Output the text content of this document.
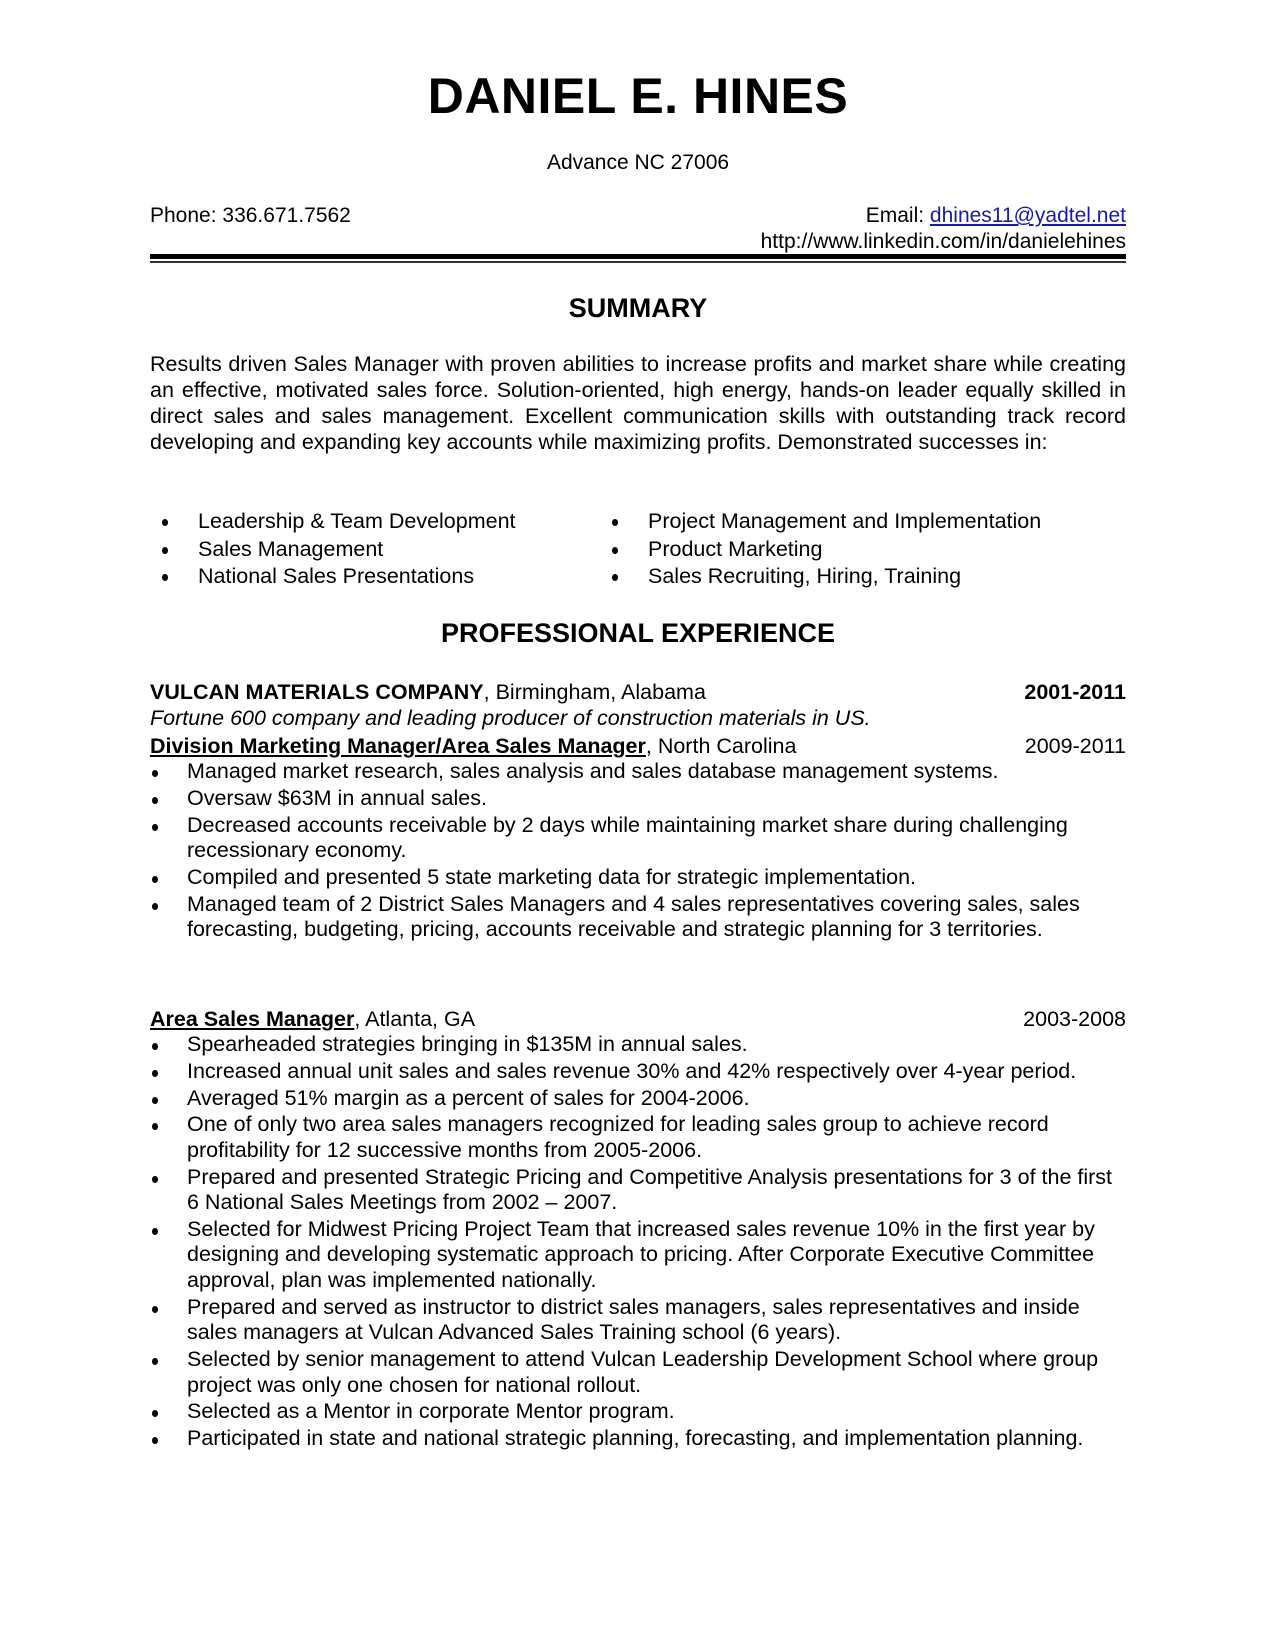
DANIEL E. HINES
Advance NC 27006
Phone: 336.671.7562	Email: dhines11@yadtel.net
http://www.linkedin.com/in/danielehines
SUMMARY
Results driven Sales Manager with proven abilities to increase profits and market share while creating an effective, motivated sales force. Solution-oriented, high energy, hands-on leader equally skilled in direct sales and sales management. Excellent communication skills with outstanding track record developing and expanding key accounts while maximizing profits. Demonstrated successes in:
Leadership & Team Development
Sales Management
National Sales Presentations
Project Management and Implementation
Product Marketing
Sales Recruiting, Hiring, Training
PROFESSIONAL EXPERIENCE
VULCAN MATERIALS COMPANY, Birmingham, Alabama	2001-2011
Fortune 600 company and leading producer of construction materials in US.
Division Marketing Manager/Area Sales Manager, North Carolina	2009-2011
Managed market research, sales analysis and sales database management systems.
Oversaw $63M in annual sales.
Decreased accounts receivable by 2 days while maintaining market share during challenging recessionary economy.
Compiled and presented 5 state marketing data for strategic implementation.
Managed team of 2 District Sales Managers and 4 sales representatives covering sales, sales forecasting, budgeting, pricing, accounts receivable and strategic planning for 3 territories.
Area Sales Manager, Atlanta, GA	2003-2008
Spearheaded strategies bringing in $135M in annual sales.
Increased annual unit sales and sales revenue 30% and 42% respectively over 4-year period.
Averaged 51% margin as a percent of sales for 2004-2006.
One of only two area sales managers recognized for leading sales group to achieve record profitability for 12 successive months from 2005-2006.
Prepared and presented Strategic Pricing and Competitive Analysis presentations for 3 of the first 6 National Sales Meetings from 2002 – 2007.
Selected for Midwest Pricing Project Team that increased sales revenue 10% in the first year by designing and developing systematic approach to pricing. After Corporate Executive Committee approval, plan was implemented nationally.
Prepared and served as instructor to district sales managers, sales representatives and inside sales managers at Vulcan Advanced Sales Training school (6 years).
Selected by senior management to attend Vulcan Leadership Development School where group project was only one chosen for national rollout.
Selected as a Mentor in corporate Mentor program.
Participated in state and national strategic planning, forecasting, and implementation planning.
